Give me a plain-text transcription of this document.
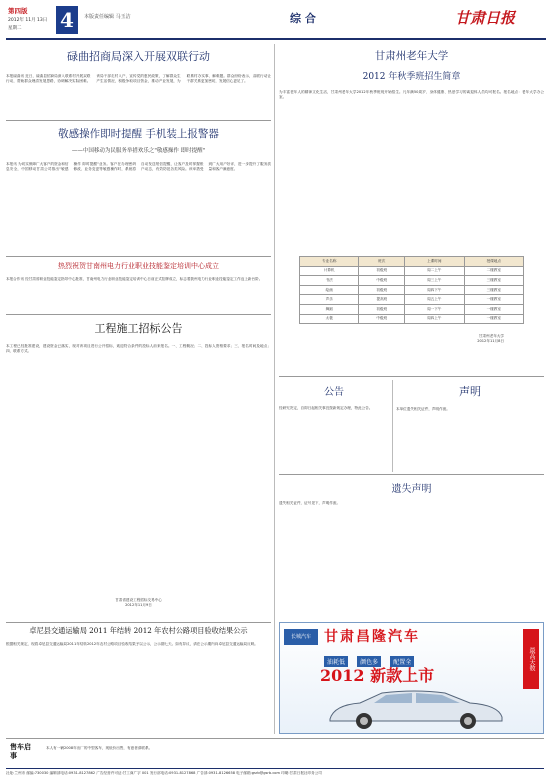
第四版
2012年 11月 13日
星期二	4	本版责任编辑 马玉洁	综 合	甘肃日报
碌曲招商局深入开展双联行动
本报碌曲讯 近日，碌曲县招商局深入联系村开展双联行动，帮助群众理清发展思路，协调解决实际困难。该局干部走村入户，宣传党的惠民政策，了解群众生产生活情况，积极争取项目资金，推动产业发展，为联系村办实事、解难题。群众纷纷表示，双联行动让干群关系更加密切，发展信心更足了。
敬感操作即时提醒 手机装上报警器
——中国移动为民服务举措欢乐之"敬感操作 即时提醒"
本报讯 为切实保障广大客户的资金和信息安全，中国移动甘肃公司推出"敏感操作 即时提醒"业务。客户在办理密码修改、业务变更等敏感操作时，系统将自动发送短信提醒，让客户及时掌握账户动态，有效防范各类风险。该举措受到广大用户好评，进一步提升了服务质量和客户满意度。
热烈祝贺甘南州电力行业职业技能鉴定培训中心成立
本报合作讯 经甘肃省职业技能鉴定指导中心批准，甘南州电力行业职业技能鉴定培训中心日前正式挂牌成立，标志着我州电力行业职业技能鉴定工作迈上新台阶。
工程施工招标公告
本工程已经批准建设，建设资金已落实，现对该项目进行公开招标，欢迎符合条件的投标人前来报名。一、工程概况；二、投标人资格要求；三、报名时间及地点；四、联系方式。
甘肃省建设工程招标交易中心
2012年11月9日
卓尼县交通运输局 2011 年结转 2012 年农村公路项目验收结果公示
根据相关规定，现将卓尼县交通运输局2011年结转2012年农村公路项目验收结果予以公示，公示期七天。如有异议，请在公示期内向卓尼县交通运输局反映。
甘肃州老年大学
2012 年秋季班招生简章
为丰富老年人的精神文化生活，甘肃州老年大学2012年秋季班现开始招生。凡年满50周岁、身体健康、热爱学习的离退休人员均可报名。报名地点：老年大学办公室。
专业名称	班次	上课时间	授课地点
计算机	初级班	周二上午	二楼教室
书法	中级班	周三上午	三楼教室
绘画	初级班	周四下午	三楼教室
声乐	提高班	周五上午	一楼教室
舞蹈	初级班	周一下午	一楼教室
太极	中级班	周四上午	一楼教室
甘肃州老年大学
2012年11月8日
公告
经研究决定，自即日起相关事宜按新规定办理，特此公告。
声明
本单位遗失相关证件，声明作废。
遗失声明
遗失相关证件，证号见下，声明作废。
长城汽车 甘肃昌隆汽车
油耗低	颜色多	配置全	最高天数
2012 新款上市
售车启事
本人有一辆2008年出厂的中型客车，现低价出售，有意者请联系。
社址:兰州市 邮编:730030 编辑部电话:0931-8127862 广告经营许可证:甘工商广字 001 发行部电话:0931-8127868 广告部:0931-8126658 电子邮箱:gsrb@gsrb.com 印刷:甘肃日报社印务公司
